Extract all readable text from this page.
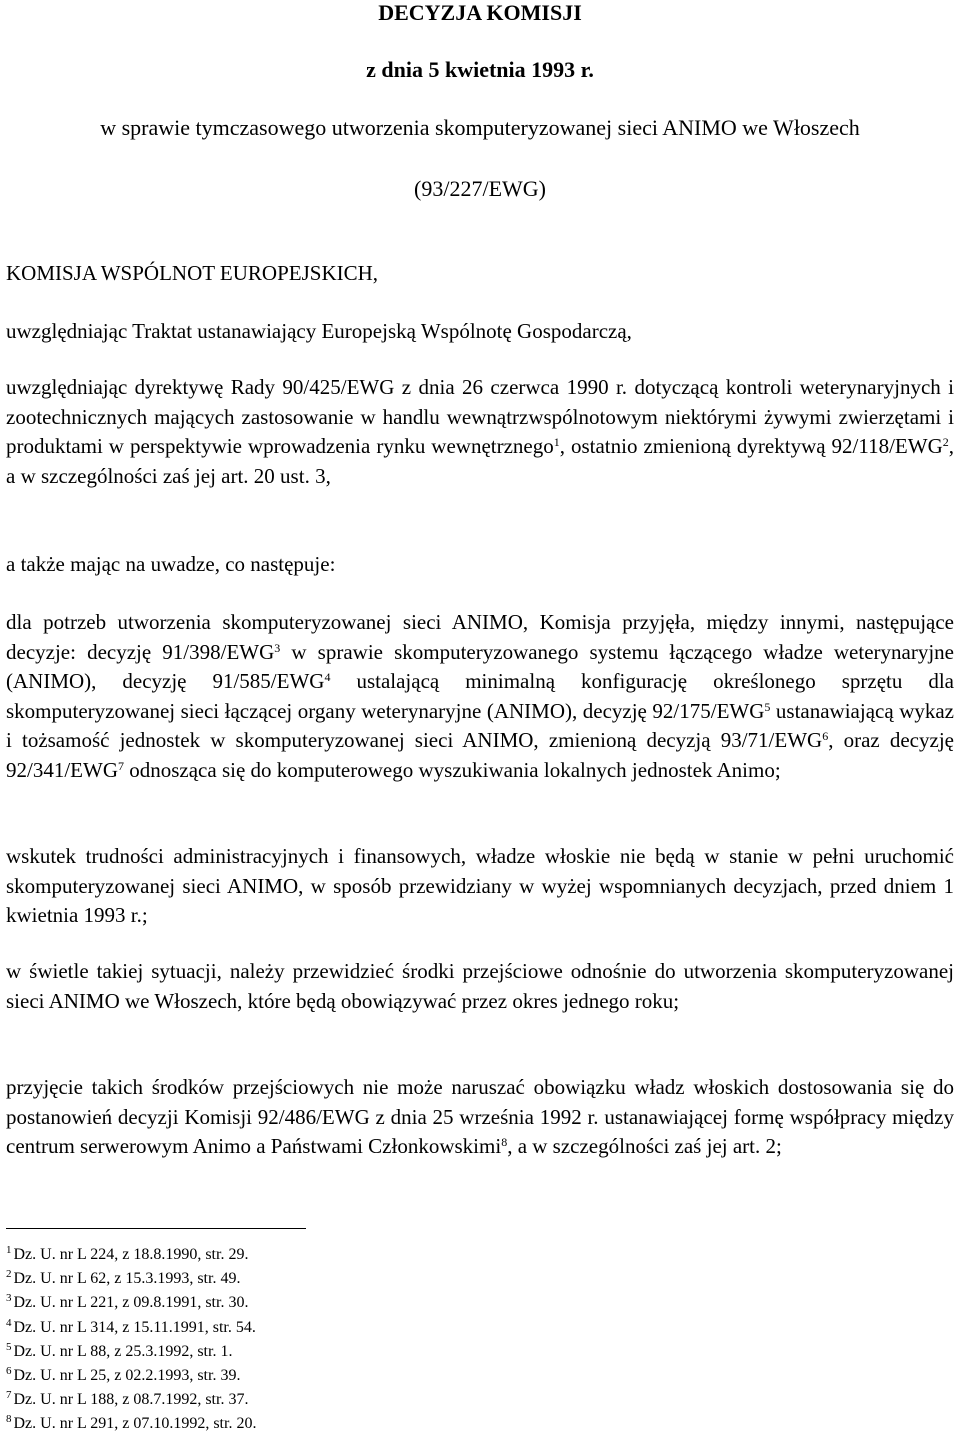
DECYZJA KOMISJI
z dnia 5 kwietnia 1993 r.
w sprawie tymczasowego utworzenia skomputeryzowanej sieci ANIMO we Włoszech
(93/227/EWG)
KOMISJA WSPÓLNOT EUROPEJSKICH,
uwzględniając Traktat ustanawiający Europejską Wspólnotę Gospodarczą,
uwzględniając dyrektywę Rady 90/425/EWG z dnia 26 czerwca 1990 r. dotyczącą kontroli weterynaryjnych i zootechnicznych mających zastosowanie w handlu wewnątrzwspólnotowym niektórymi żywymi zwierzętami i produktami w perspektywie wprowadzenia rynku wewnętrznego$^1$, ostatnio zmienioną dyrektywą 92/118/EWG$^2$, a w szczególności zaś jej art. 20 ust. 3,
a także mając na uwadze, co następuje:
dla potrzeb utworzenia skomputeryzowanej sieci ANIMO, Komisja przyjęła, między innymi, następujące decyzje: decyzję 91/398/EWG$^3$ w sprawie skomputeryzowanego systemu łączącego władze weterynaryjne (ANIMO), decyzję 91/585/EWG$^4$ ustalającą minimalną konfigurację określonego sprzętu dla skomputeryzowanej sieci łączącej organy weterynaryjne (ANIMO), decyzję 92/175/EWG$^5$ ustanawiającą wykaz i tożsamość jednostek w skomputeryzowanej sieci ANIMO, zmienioną decyzją 93/71/EWG$^6$, oraz decyzję 92/341/EWG$^7$ odnosząca się do komputerowego wyszukiwania lokalnych jednostek Animo;
wskutek trudności administracyjnych i finansowych, władze włoskie nie będą w stanie w pełni uruchomić skomputeryzowanej sieci ANIMO, w sposób przewidziany w wyżej wspomnianych decyzjach, przed dniem 1 kwietnia 1993 r.;
w świetle takiej sytuacji, należy przewidzieć środki przejściowe odnośnie do utworzenia skomputeryzowanej sieci ANIMO we Włoszech, które będą obowiązywać przez okres jednego roku;
przyjęcie takich środków przejściowych nie może naruszać obowiązku władz włoskich dostosowania się do postanowień decyzji Komisji 92/486/EWG z dnia 25 września 1992 r. ustanawiającej formę współpracy między centrum serwerowym Animo a Państwami Członkowskimi$^8$, a w szczególności zaś jej art. 2;
$^1$ Dz. U. nr L 224, z 18.8.1990, str. 29.
$^2$ Dz. U. nr L 62, z 15.3.1993, str. 49.
$^3$ Dz. U. nr L 221, z 09.8.1991, str. 30.
$^4$ Dz. U. nr L 314, z 15.11.1991, str. 54.
$^5$ Dz. U. nr L 88, z 25.3.1992, str. 1.
$^6$ Dz. U. nr L 25, z 02.2.1993, str. 39.
$^7$ Dz. U. nr L 188, z 08.7.1992, str. 37.
$^8$ Dz. U. nr L 291, z 07.10.1992, str. 20.
